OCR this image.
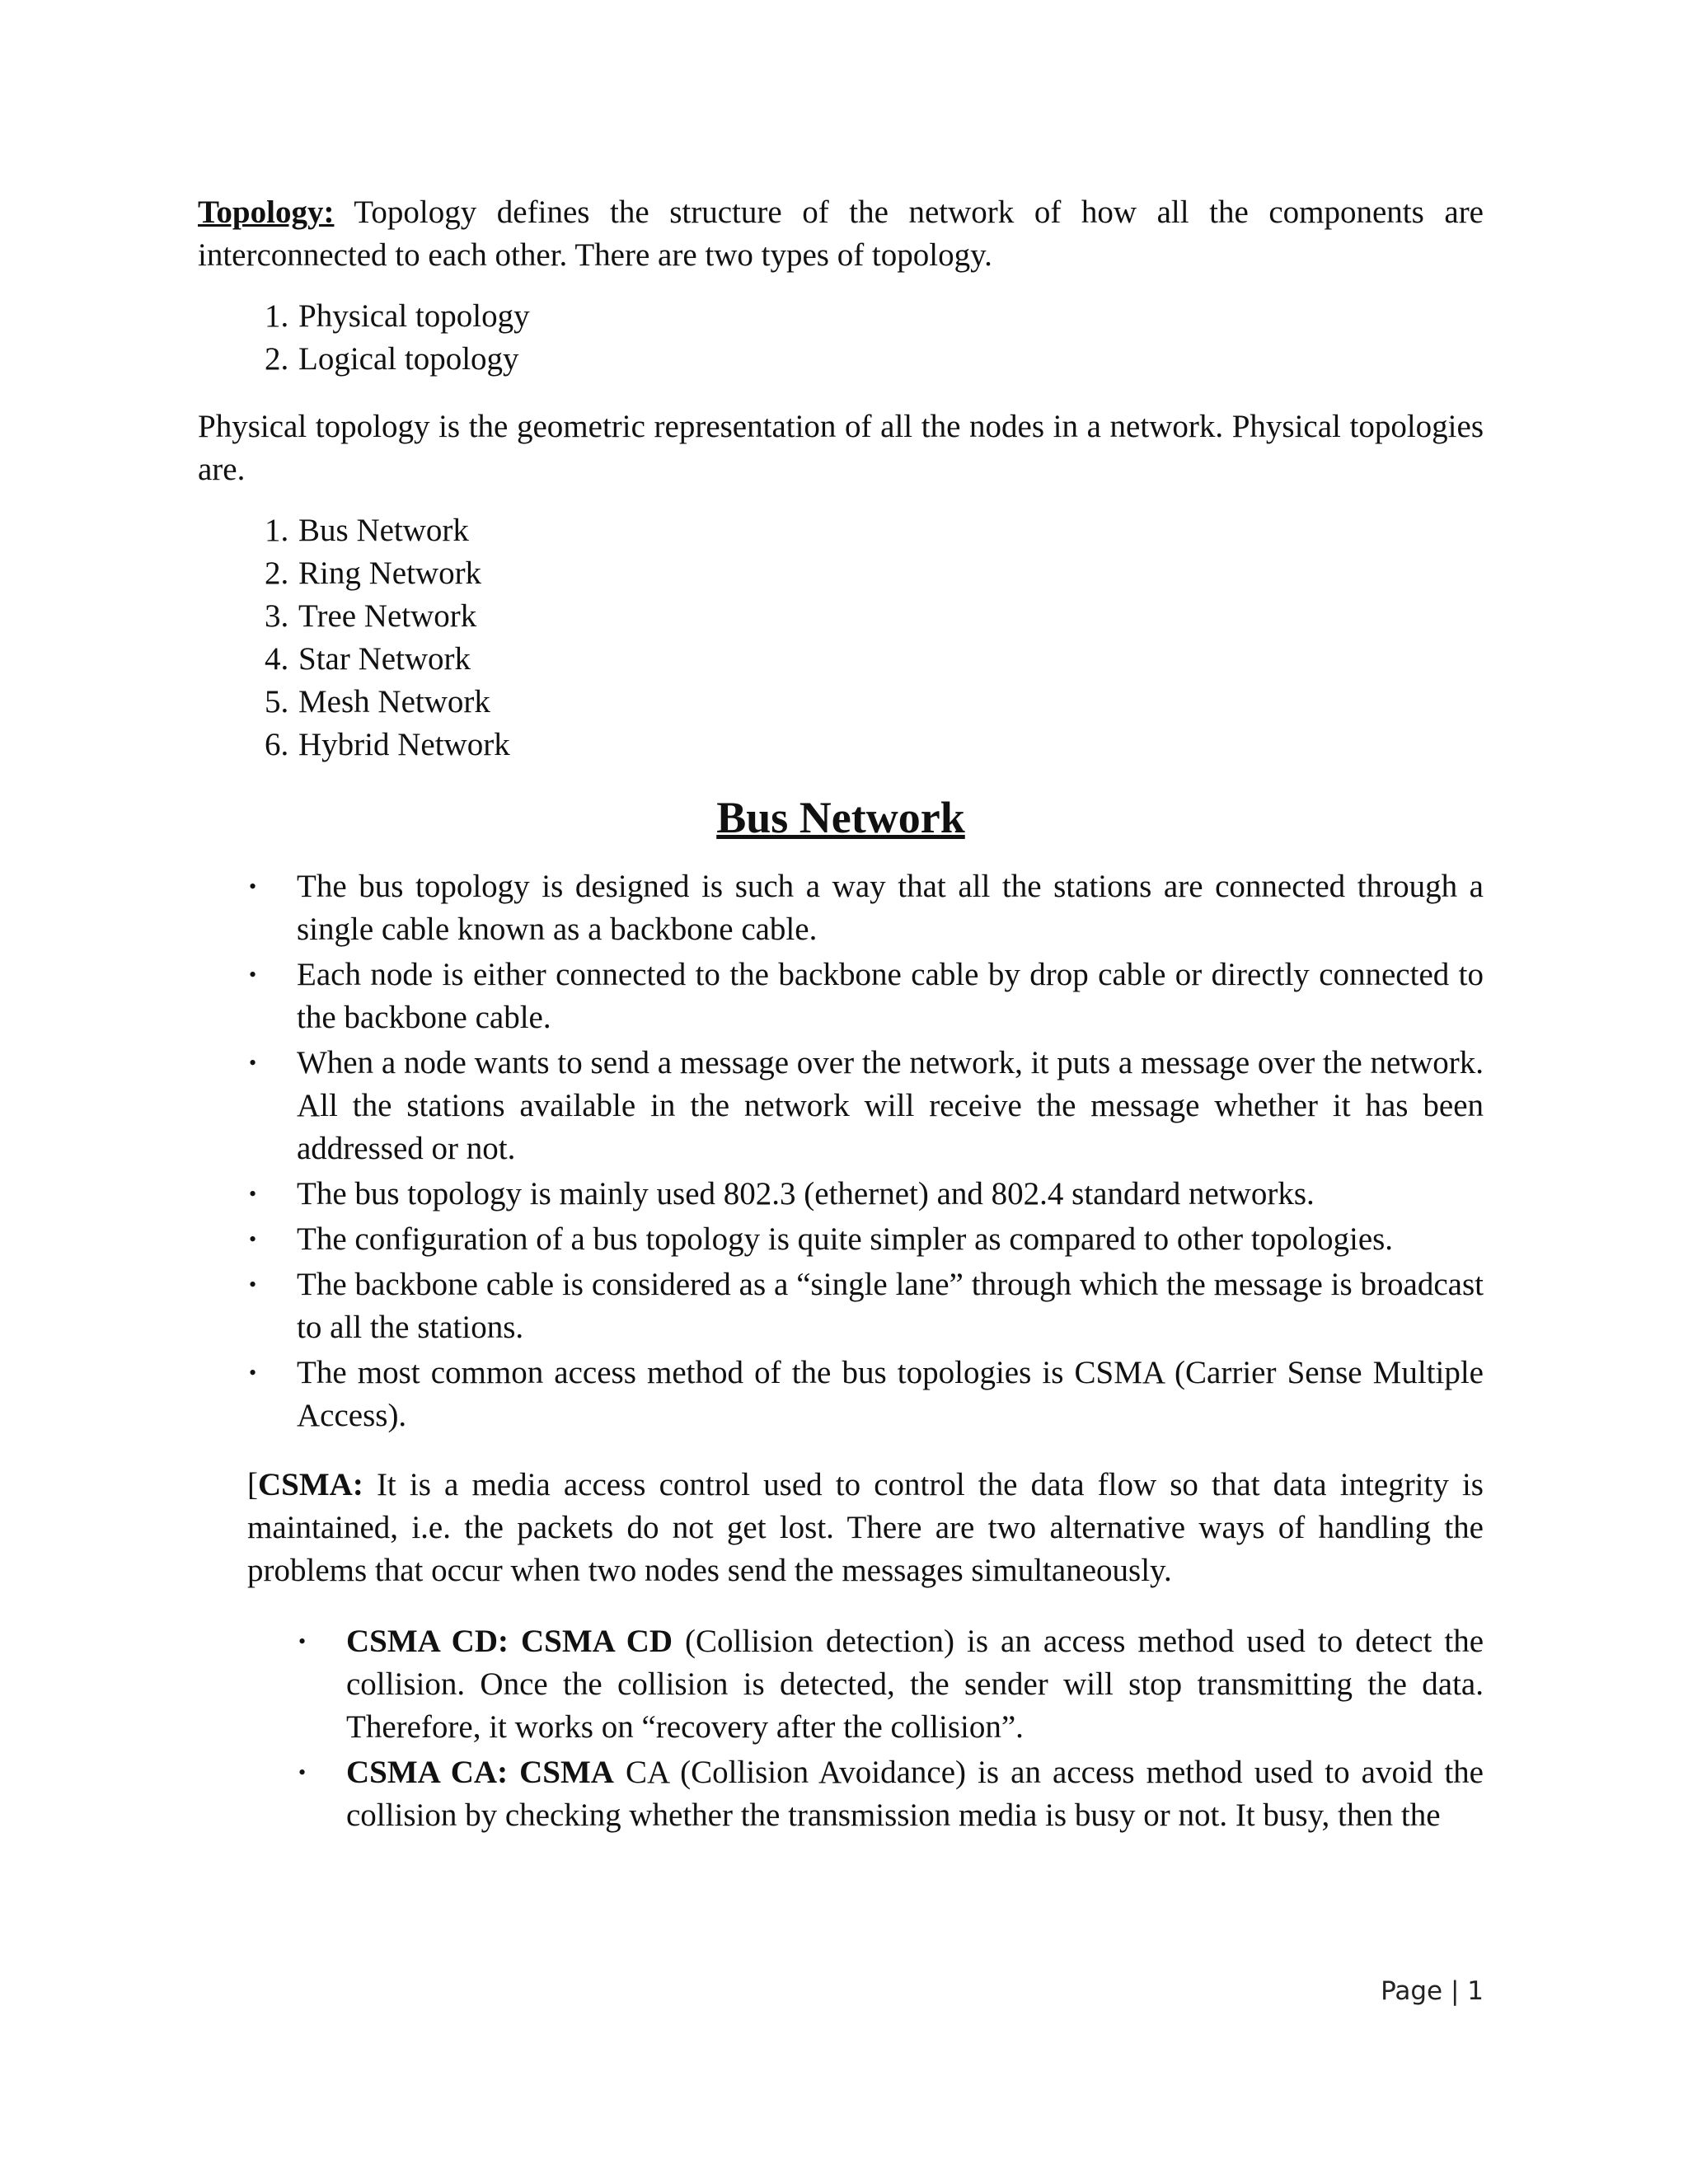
Topology: Topology defines the structure of the network of how all the components are interconnected to each other. There are two types of topology.

1. Physical topology
2. Logical topology

Physical topology is the geometric representation of all the nodes in a network. Physical topologies are.

1. Bus Network
2. Ring Network
3. Tree Network
4. Star Network
5. Mesh Network
6. Hybrid Network
Bus Network
• The bus topology is designed is such a way that all the stations are connected through a single cable known as a backbone cable.
• Each node is either connected to the backbone cable by drop cable or directly connected to the backbone cable.
• When a node wants to send a message over the network, it puts a message over the network. All the stations available in the network will receive the message whether it has been addressed or not.
• The bus topology is mainly used 802.3 (ethernet) and 802.4 standard networks.
• The configuration of a bus topology is quite simpler as compared to other topologies.
• The backbone cable is considered as a “single lane” through which the message is broadcast to all the stations.
• The most common access method of the bus topologies is CSMA (Carrier Sense Multiple Access).

[CSMA: It is a media access control used to control the data flow so that data integrity is maintained, i.e. the packets do not get lost. There are two alternative ways of handling the problems that occur when two nodes send the messages simultaneously.

• CSMA CD: CSMA CD (Collision detection) is an access method used to detect the collision. Once the collision is detected, the sender will stop transmitting the data. Therefore, it works on “recovery after the collision”.
• CSMA CA: CSMA CA (Collision Avoidance) is an access method used to avoid the collision by checking whether the transmission media is busy or not. It busy, then the
Page | 1
